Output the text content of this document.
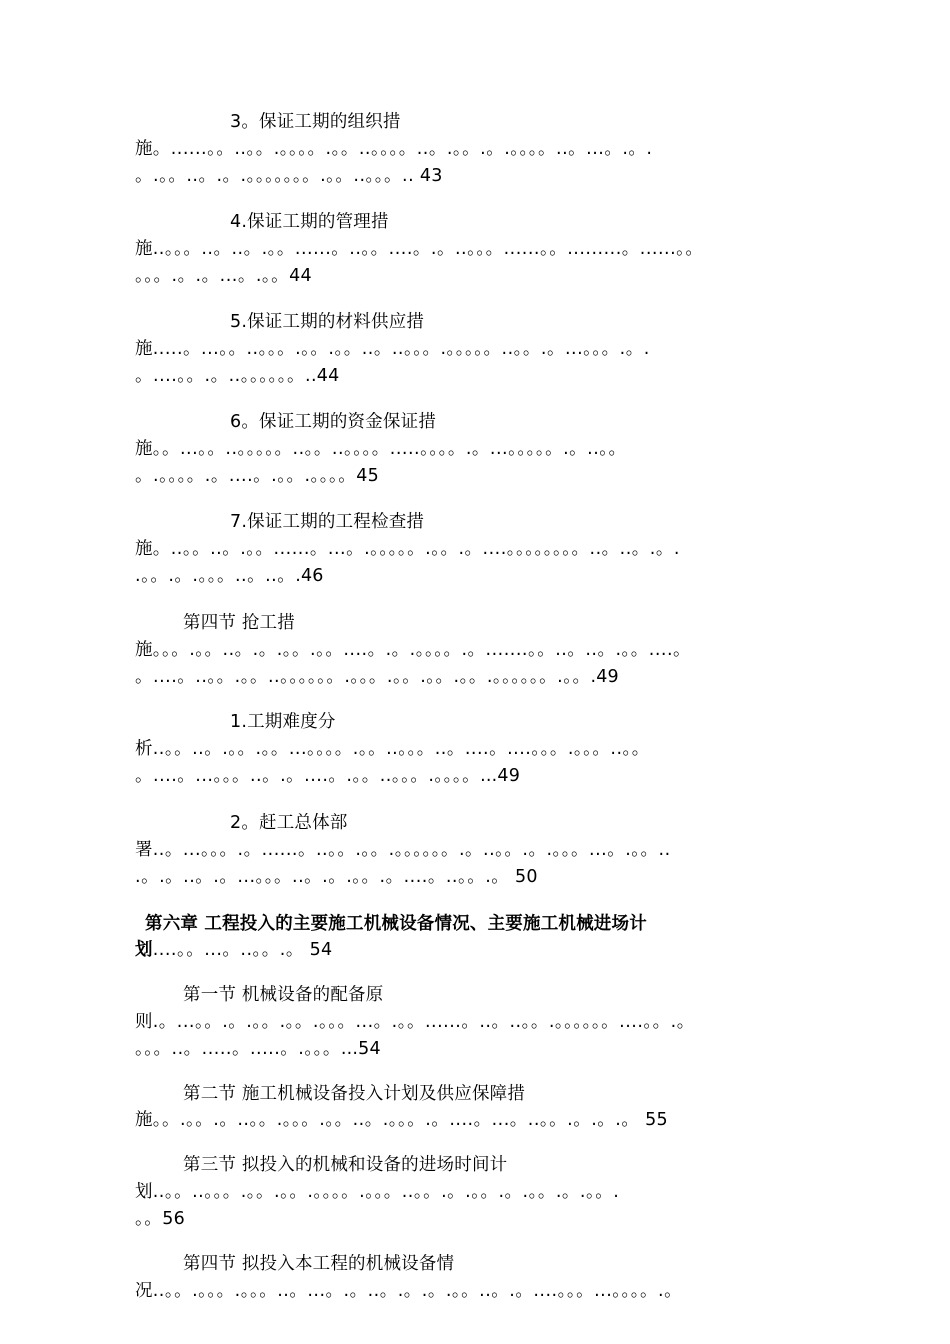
3。保证工期的组织措
施。......。。..。。.。。。。.。。..。。。。..。.。。.。.。。。。..。...。.。.
。.。。..。.。.。。。。。。。.。。..。。。.. 43
4.保证工期的管理措
施..。。。..。..。.。。......。..。。....。.。..。。。......。。.........。......。。
。。。.。.。...。.。。44
5.保证工期的材料供应措
施.....。...。。..。。。.。。.。。..。..。。。.。。。。。..。。.。...。。。.。.
。....。。.。..。。。。。。..44
6。保证工期的资金保证措
施。。...。。..。。。。。..。。..。。。。.....。。。。.。...。。。。。.。..。。
。.。。。。.。....。.。。.。。。。45
7.保证工期的工程检查措
施。..。。..。.。。......。...。.。。。。。.。。.。....。。。。。。。。..。..。.。.
.。。.。.。。。..。..。.46
第四节 抢工措
施。。。.。。..。.。.。。.。。....。.。.。。。。.。.......。。..。..。.。。....。
。....。..。。.。。..。。。。。。.。。。.。。.。。.。。.。。。。。。.。。.49
1.工期难度分
析..。。..。.。。.。。...。。。。.。。..。。。..。....。....。。。.。。。..。。
。....。...。。。..。.。....。.。。..。。。.。。。。...49
2。赶工总体部
署..。...。。。.。......。..。。.。。.。。。。。。.。..。。.。.。。。...。.。。..
.。.。..。.。...。。。..。.。.。。.。....。..。。.。 50
第六章 工程投入的主要施工机械设备情况、主要施工机械进场计
划....。。...。..。。.。 54
第一节 机械设备的配备原
则.。...。。.。.。。.。。.。。。...。.。。......。..。..。。.。。。。。。....。。.。
。。。..。.....。.....。.。。。...54
第二节 施工机械设备投入计划及供应保障措
施。。.。。.。..。。.。。。.。。..。.。。。.。....。...。..。。.。.。.。 55
第三节 拟投入的机械和设备的进场时间计
划..。。..。。。.。。.。。.。。。。.。。。..。。.。.。。.。.。。.。.。。.
。。56
第四节 拟投入本工程的机械设备情
况..。。.。。。.。。。..。...。.。..。.。.。.。。..。.。....。。。...。。。。.。
